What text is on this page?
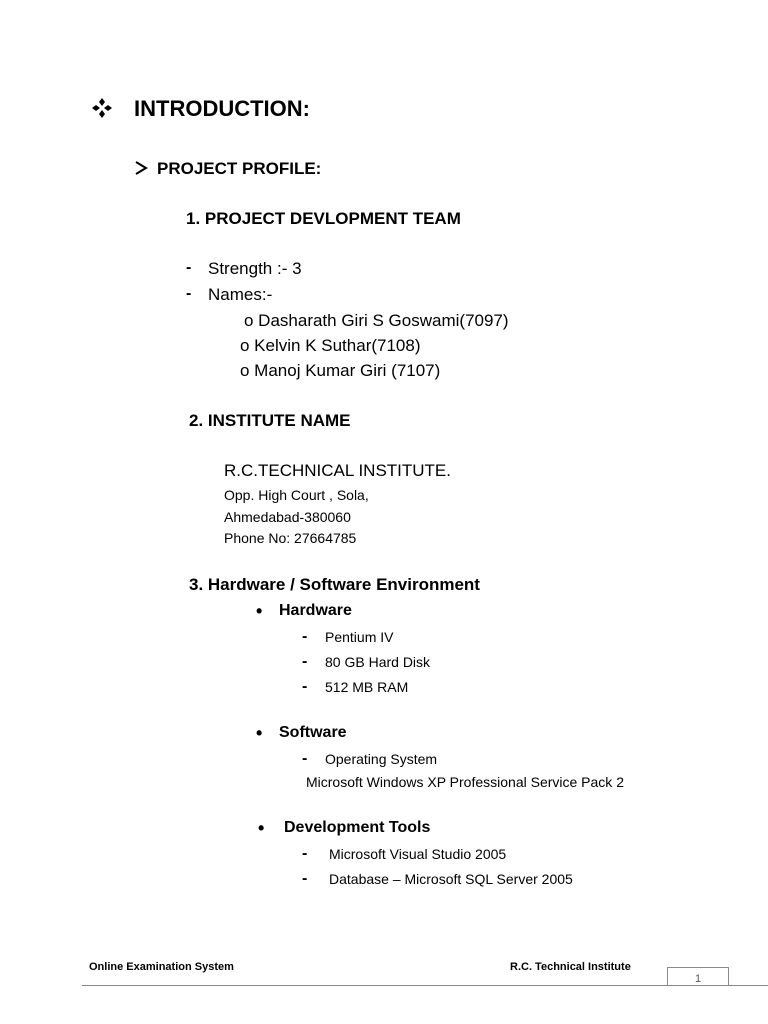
INTRODUCTION:
PROJECT PROFILE:
1. PROJECT DEVLOPMENT TEAM
- Strength :- 3
- Names:-
o Dasharath Giri S Goswami(7097)
o Kelvin K Suthar(7108)
o Manoj Kumar Giri (7107)
2. INSTITUTE NAME
R.C.TECHNICAL INSTITUTE.
Opp. High Court , Sola,
Ahmedabad-380060
Phone No: 27664785
3. Hardware / Software Environment
• Hardware
- Pentium IV
- 80 GB Hard Disk
- 512 MB RAM
• Software
- Operating System
Microsoft Windows XP Professional Service Pack 2
• Development Tools
- Microsoft Visual Studio 2005
- Database – Microsoft SQL Server 2005
Online Examination System	R.C. Technical Institute
1
